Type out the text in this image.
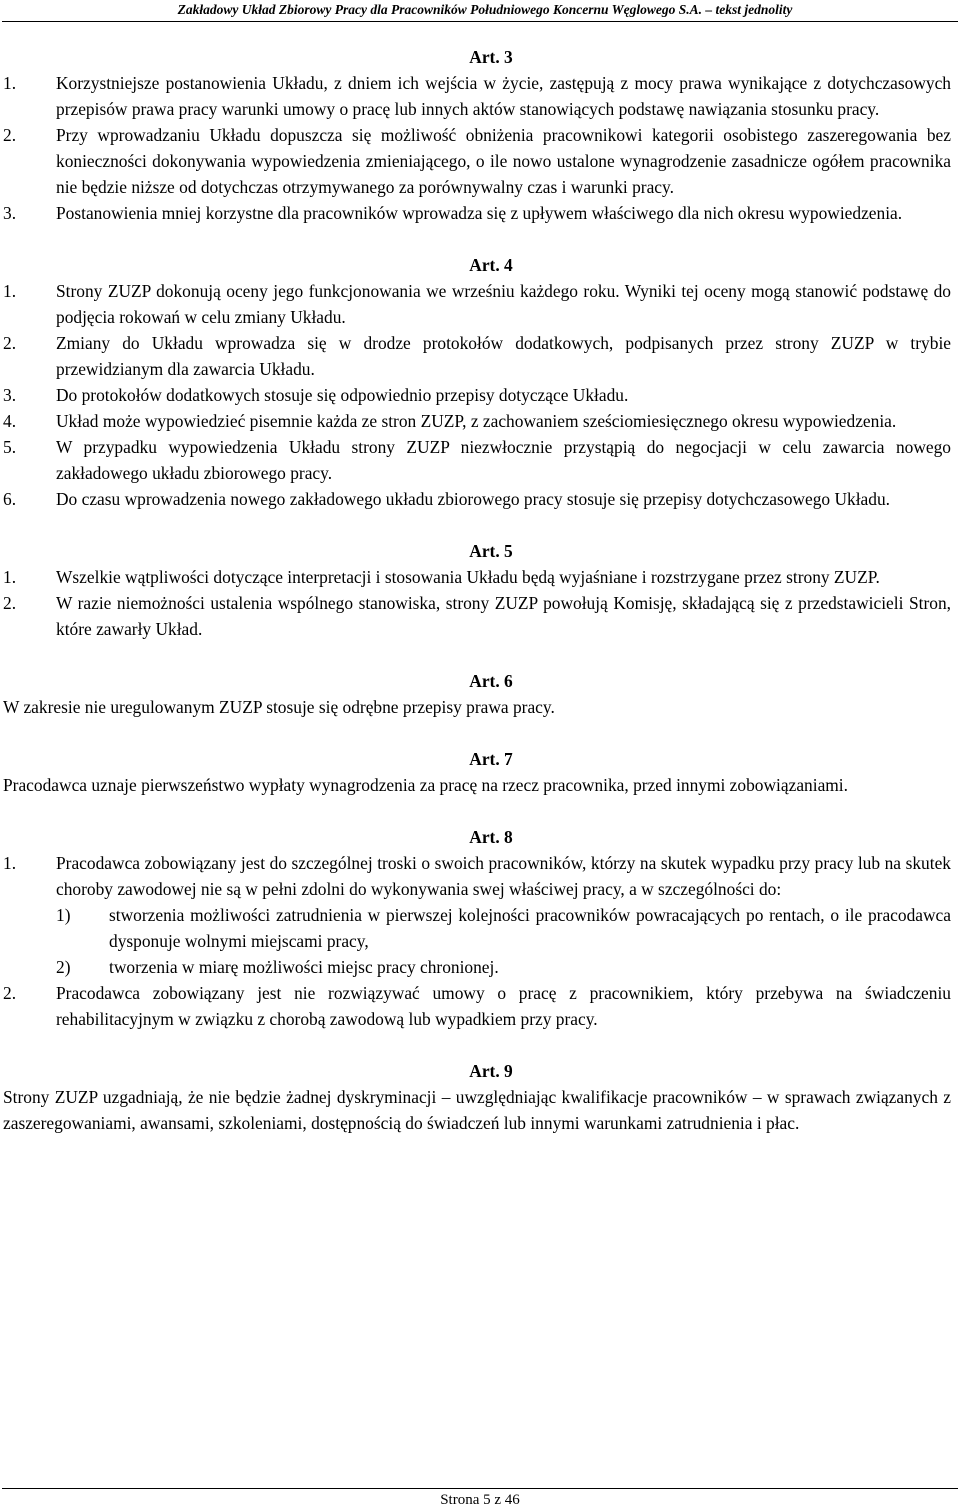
Zakładowy Układ Zbiorowy Pracy dla Pracowników Południowego Koncernu Węglowego S.A. – tekst jednolity
Art. 3
1.	Korzystniejsze postanowienia Układu, z dniem ich wejścia w życie, zastępują z mocy prawa wynikające z dotychczasowych przepisów prawa pracy warunki umowy o pracę lub innych aktów stanowiących podstawę nawiązania stosunku pracy.
2.	Przy wprowadzaniu Układu dopuszcza się możliwość obniżenia pracownikowi kategorii osobistego zaszeregowania bez konieczności dokonywania wypowiedzenia zmieniającego, o ile nowo ustalone wynagrodzenie zasadnicze ogółem pracownika nie będzie niższe od dotychczas otrzymywanego za porównywalny czas i warunki pracy.
3.	Postanowienia mniej korzystne dla pracowników wprowadza się z upływem właściwego dla nich okresu wypowiedzenia.
Art. 4
1.	Strony ZUZP dokonują oceny jego funkcjonowania we wrześniu każdego roku. Wyniki tej oceny mogą stanowić podstawę do podjęcia rokowań w celu zmiany Układu.
2.	Zmiany do Układu wprowadza się w drodze protokołów dodatkowych, podpisanych przez strony ZUZP w trybie przewidzianym dla zawarcia Układu.
3.	Do protokołów dodatkowych stosuje się odpowiednio przepisy dotyczące Układu.
4.	Układ może wypowiedzieć pisemnie każda ze stron ZUZP, z zachowaniem sześciomiesięcznego okresu wypowiedzenia.
5.	W przypadku wypowiedzenia Układu strony ZUZP niezwłocznie przystąpią do negocjacji w celu zawarcia nowego zakładowego układu zbiorowego pracy.
6.	Do czasu wprowadzenia nowego zakładowego układu zbiorowego pracy stosuje się przepisy dotychczasowego Układu.
Art. 5
1.	Wszelkie wątpliwości dotyczące interpretacji i stosowania Układu będą wyjaśniane i rozstrzygane przez strony ZUZP.
2.	W razie niemożności ustalenia wspólnego stanowiska, strony ZUZP powołują Komisję, składającą się z przedstawicieli Stron, które zawarły Układ.
Art. 6
W zakresie nie uregulowanym ZUZP stosuje się odrębne przepisy prawa pracy.
Art. 7
Pracodawca uznaje pierwszeństwo wypłaty wynagrodzenia za pracę na rzecz pracownika, przed innymi zobowiązaniami.
Art. 8
1.	Pracodawca zobowiązany jest do szczególnej troski o swoich pracowników, którzy na skutek wypadku przy pracy lub na skutek choroby zawodowej nie są w pełni zdolni do wykonywania swej właściwej pracy, a w szczególności do:
1)	stworzenia możliwości zatrudnienia w pierwszej kolejności pracowników powracających po rentach, o ile pracodawca dysponuje wolnymi miejscami pracy,
2)	tworzenia w miarę możliwości miejsc pracy chronionej.
2.	Pracodawca zobowiązany jest nie rozwiązywać umowy o pracę z pracownikiem, który przebywa na świadczeniu rehabilitacyjnym w związku z chorobą zawodową lub wypadkiem przy pracy.
Art. 9
Strony ZUZP uzgadniają, że nie będzie żadnej dyskryminacji – uwzględniając kwalifikacje pracowników – w sprawach związanych z zaszeregowaniami, awansami, szkoleniami, dostępnością do świadczeń lub innymi warunkami zatrudnienia i płac.
Strona 5 z 46
